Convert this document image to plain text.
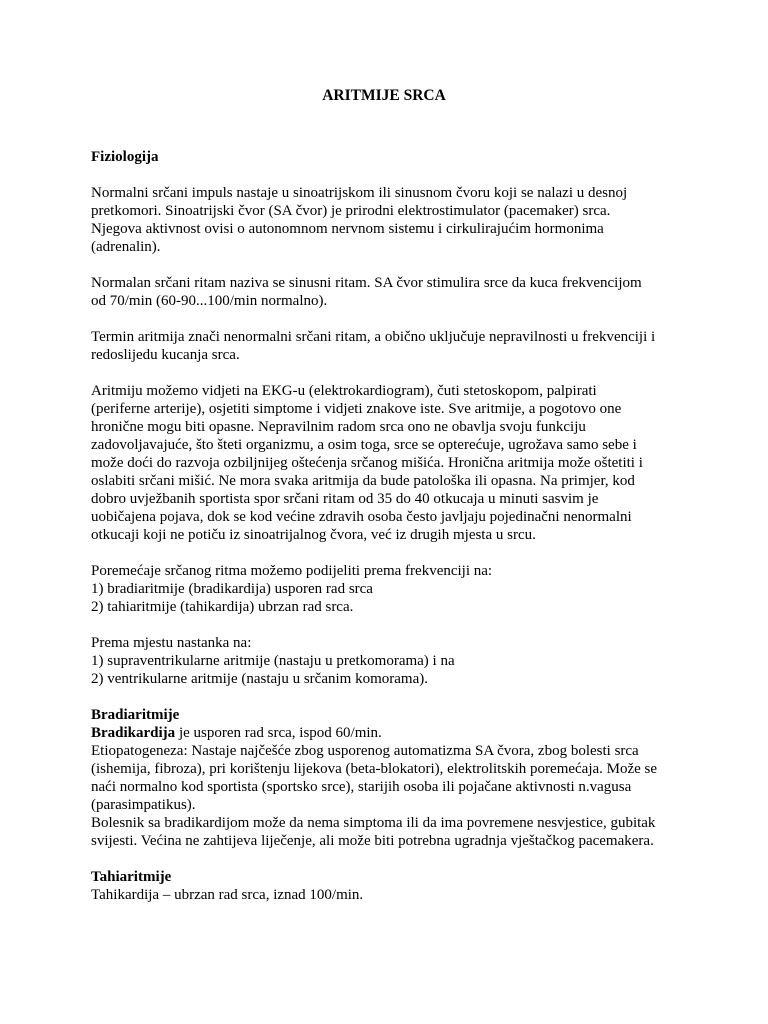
ARITMIJE SRCA

Fiziologija

Normalni srčani impuls nastaje u sinoatrijskom ili sinusnom čvoru koji se nalazi u desnoj
pretkomori. Sinoatrijski čvor (SA čvor) je prirodni elektrostimulator (pacemaker) srca.
Njegova aktivnost ovisi o autonomnom nervnom sistemu i cirkulirajućim hormonima
(adrenalin).

Normalan srčani ritam naziva se sinusni ritam. SA čvor stimulira srce da kuca frekvencijom
od 70/min (60-90...100/min normalno).

Termin aritmija znači nenormalni srčani ritam, a obično uključuje nepravilnosti u frekvenciji i
redoslijedu kucanja srca.

Aritmiju možemo vidjeti na EKG-u (elektrokardiogram), čuti stetoskopom, palpirati
(periferne arterije), osjetiti simptome i vidjeti znakove iste. Sve aritmije, a pogotovo one
hronične mogu biti opasne. Nepravilnim radom srca ono ne obavlja svoju funkciju
zadovoljavajuće, što šteti organizmu, a osim toga, srce se opterećuje, ugrožava samo sebe i
može doći do razvoja ozbiljnijeg oštećenja srčanog mišića. Hronična aritmija može oštetiti i
oslabiti srčani mišić. Ne mora svaka aritmija da bude patološka ili opasna. Na primjer, kod
dobro uvježbanih sportista spor srčani ritam od 35 do 40 otkucaja u minuti sasvim je
uobičajena pojava, dok se kod većine zdravih osoba često javljaju pojedinačni nenormalni
otkucaji koji ne potiču iz sinoatrijalnog čvora, već iz drugih mjesta u srcu.

Poremećaje srčanog ritma možemo podijeliti prema frekvenciji na:
1) bradiaritmije (bradikardija) usporen rad srca
2) tahiaritmije (tahikardija) ubrzan rad srca.

Prema mjestu nastanka na:
1) supraventrikularne aritmije (nastaju u pretkomorama) i na
2) ventrikularne aritmije (nastaju u srčanim komorama).

Bradiaritmije
Bradikardija je usporen rad srca, ispod 60/min.
Etiopatogeneza: Nastaje najčešće zbog usporenog automatizma SA čvora, zbog bolesti srca
(ishemija, fibroza), pri korištenju lijekova (beta-blokatori), elektrolitskih poremećaja. Može se
naći normalno kod sportista (sportsko srce), starijih osoba ili pojačane aktivnosti n.vagusa
(parasimpatikus).
Bolesnik sa bradikardijom može da nema simptoma ili da ima povremene nesvjestice, gubitak
svijesti. Većina ne zahtijeva liječenje, ali može biti potrebna ugradnja vještačkog pacemakera.

Tahiaritmije
Tahikardija – ubrzan rad srca, iznad 100/min.
